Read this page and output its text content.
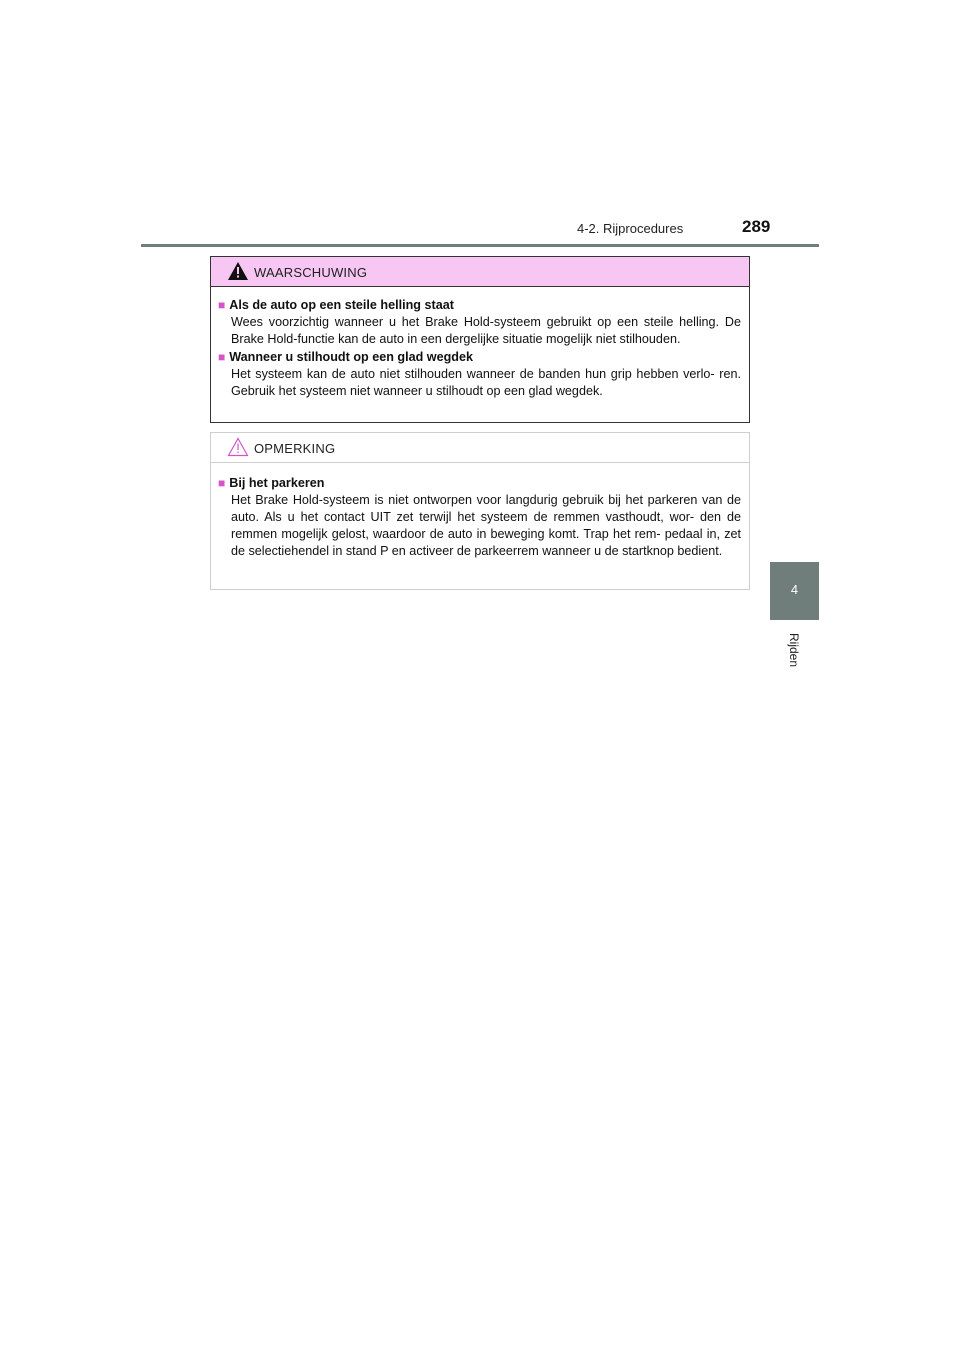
4-2. Rijprocedures	289
4
Rijden
WAARSCHUWING
■ Als de auto op een steile helling staat
Wees voorzichtig wanneer u het Brake Hold-systeem gebruikt op een steile helling. De Brake Hold-functie kan de auto in een dergelijke situatie mogelijk niet stilhouden.
■ Wanneer u stilhoudt op een glad wegdek
Het systeem kan de auto niet stilhouden wanneer de banden hun grip hebben verlo- ren. Gebruik het systeem niet wanneer u stilhoudt op een glad wegdek.
OPMERKING
■ Bij het parkeren
Het Brake Hold-systeem is niet ontworpen voor langdurig gebruik bij het parkeren van de auto. Als u het contact UIT zet terwijl het systeem de remmen vasthoudt, wor- den de remmen mogelijk gelost, waardoor de auto in beweging komt. Trap het rem- pedaal in, zet de selectiehendel in stand P en activeer de parkeerrem wanneer u de startknop bedient.
